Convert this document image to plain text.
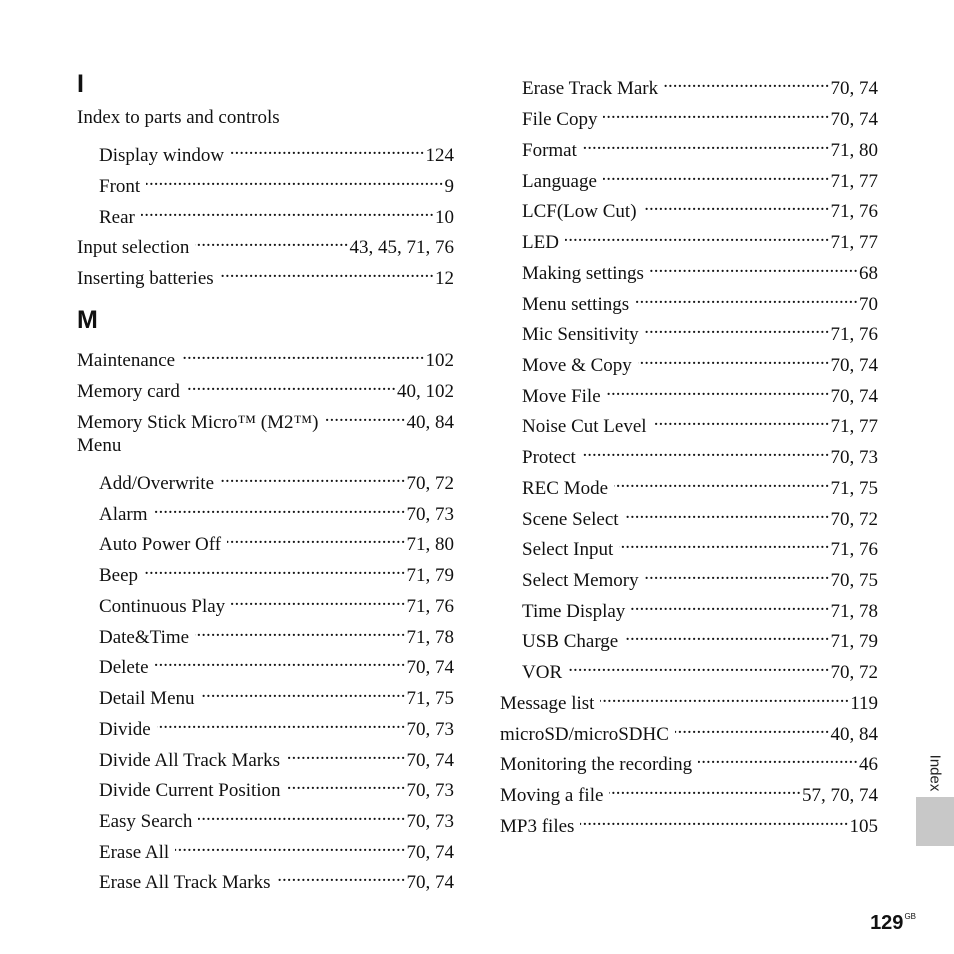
I
Index to parts and controls
Display window .....	124
Front .....	9
Rear .....	10
Input selection .....	43, 45, 71, 76
Inserting batteries .....	12
M
Maintenance .....	102
Memory card .....	40, 102
Memory Stick Micro™ (M2™) .....	40, 84
Menu
Add/Overwrite .....	70, 72
Alarm .....	70, 73
Auto Power Off .....	71, 80
Beep .....	71, 79
Continuous Play .....	71, 76
Date&Time .....	71, 78
Delete .....	70, 74
Detail Menu .....	71, 75
Divide .....	70, 73
Divide All Track Marks .....	70, 74
Divide Current Position .....	70, 73
Easy Search .....	70, 73
Erase All .....	70, 74
Erase All Track Marks .....	70, 74
Erase Track Mark .....	70, 74
File Copy .....	70, 74
Format .....	71, 80
Language .....	71, 77
LCF(Low Cut) .....	71, 76
LED .....	71, 77
Making settings .....	68
Menu settings .....	70
Mic Sensitivity .....	71, 76
Move & Copy .....	70, 74
Move File .....	70, 74
Noise Cut Level .....	71, 77
Protect .....	70, 73
REC Mode .....	71, 75
Scene Select .....	70, 72
Select Input .....	71, 76
Select Memory .....	70, 75
Time Display .....	71, 78
USB Charge .....	71, 79
VOR .....	70, 72
Message list .....	119
microSD/microSDHC .....	40, 84
Monitoring the recording .....	46
Moving a file .....	57, 70, 74
MP3 files .....	105
Index
$129^{GB}$
